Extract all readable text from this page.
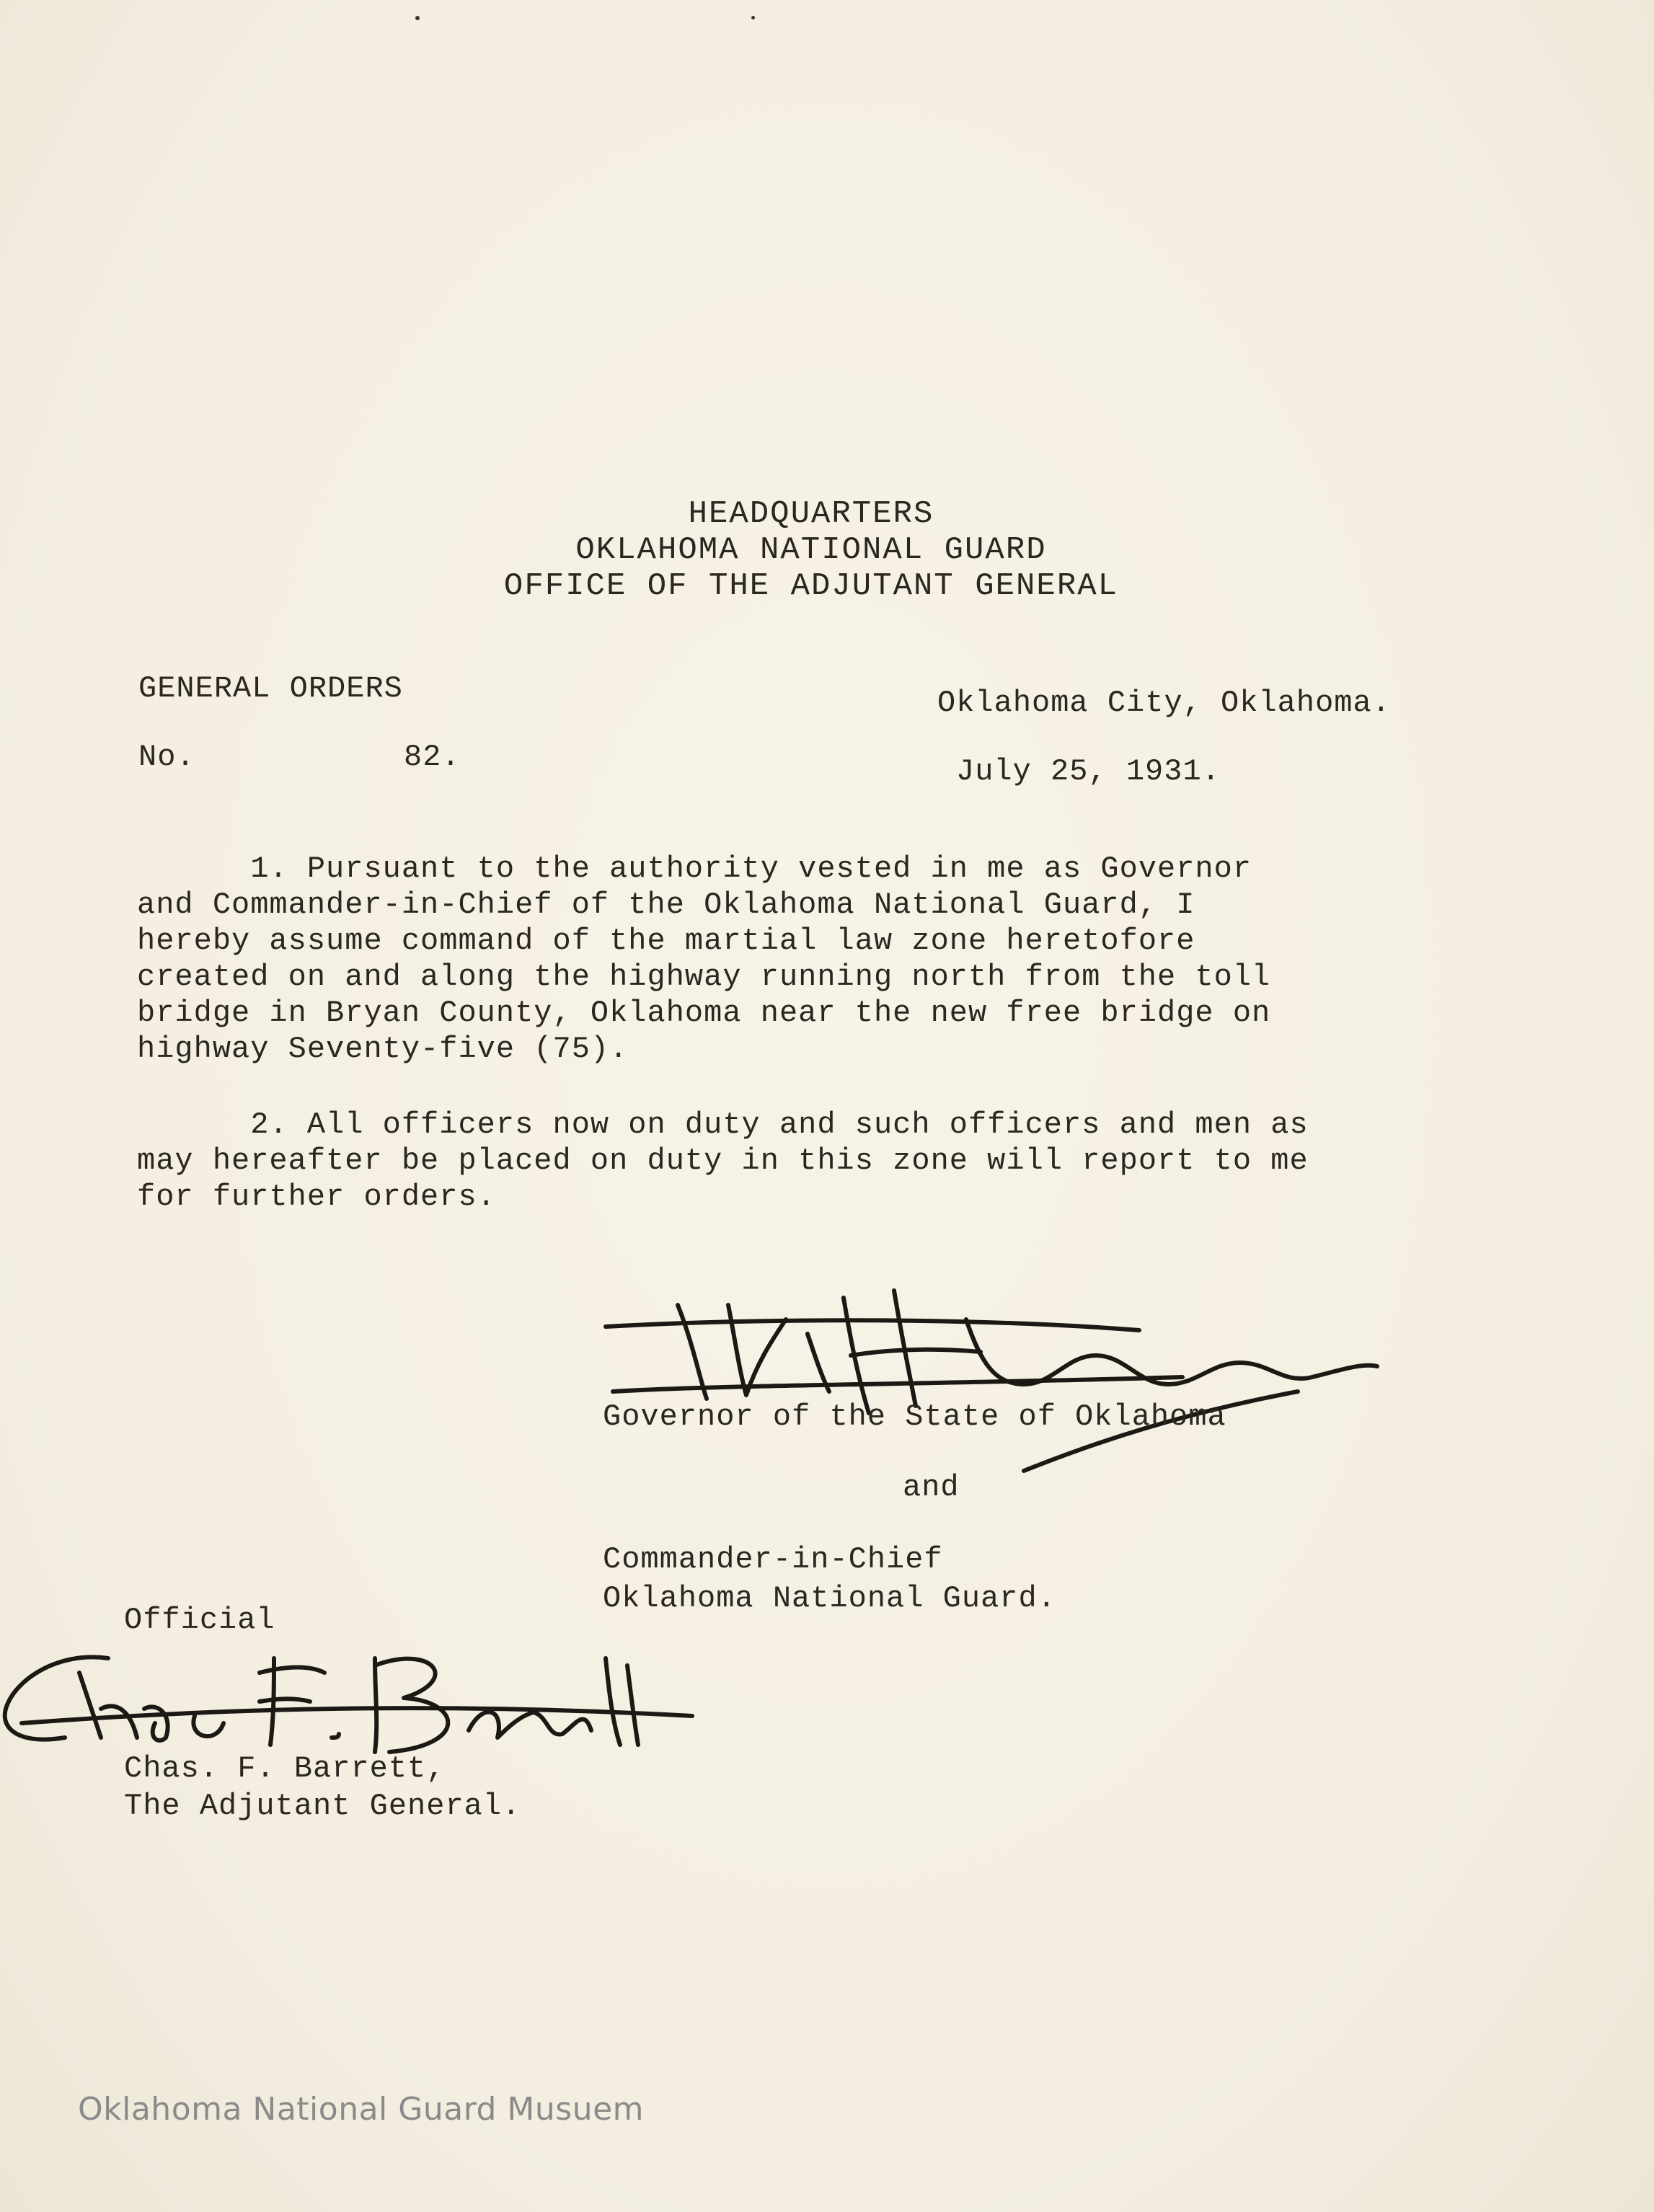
HEADQUARTERS
OKLAHOMA NATIONAL GUARD
OFFICE OF THE ADJUTANT GENERAL
GENERAL ORDERS
No.	82.
Oklahoma City, Oklahoma.
July 25, 1931.
1. Pursuant to the authority vested in me as Governor
and Commander-in-Chief of the Oklahoma National Guard, I
hereby assume command of the martial law zone heretofore
created on and along the highway running north from the toll
bridge in Bryan County, Oklahoma near the new free bridge on
highway Seventy-five (75).
2. All officers now on duty and such officers and men as
may hereafter be placed on duty in this zone will report to me
for further orders.
Governor of the State of Oklahoma
and
Commander-in-Chief
Oklahoma National Guard.
Official
Chas. F. Barrett,
The Adjutant General.
Oklahoma National Guard Musuem
